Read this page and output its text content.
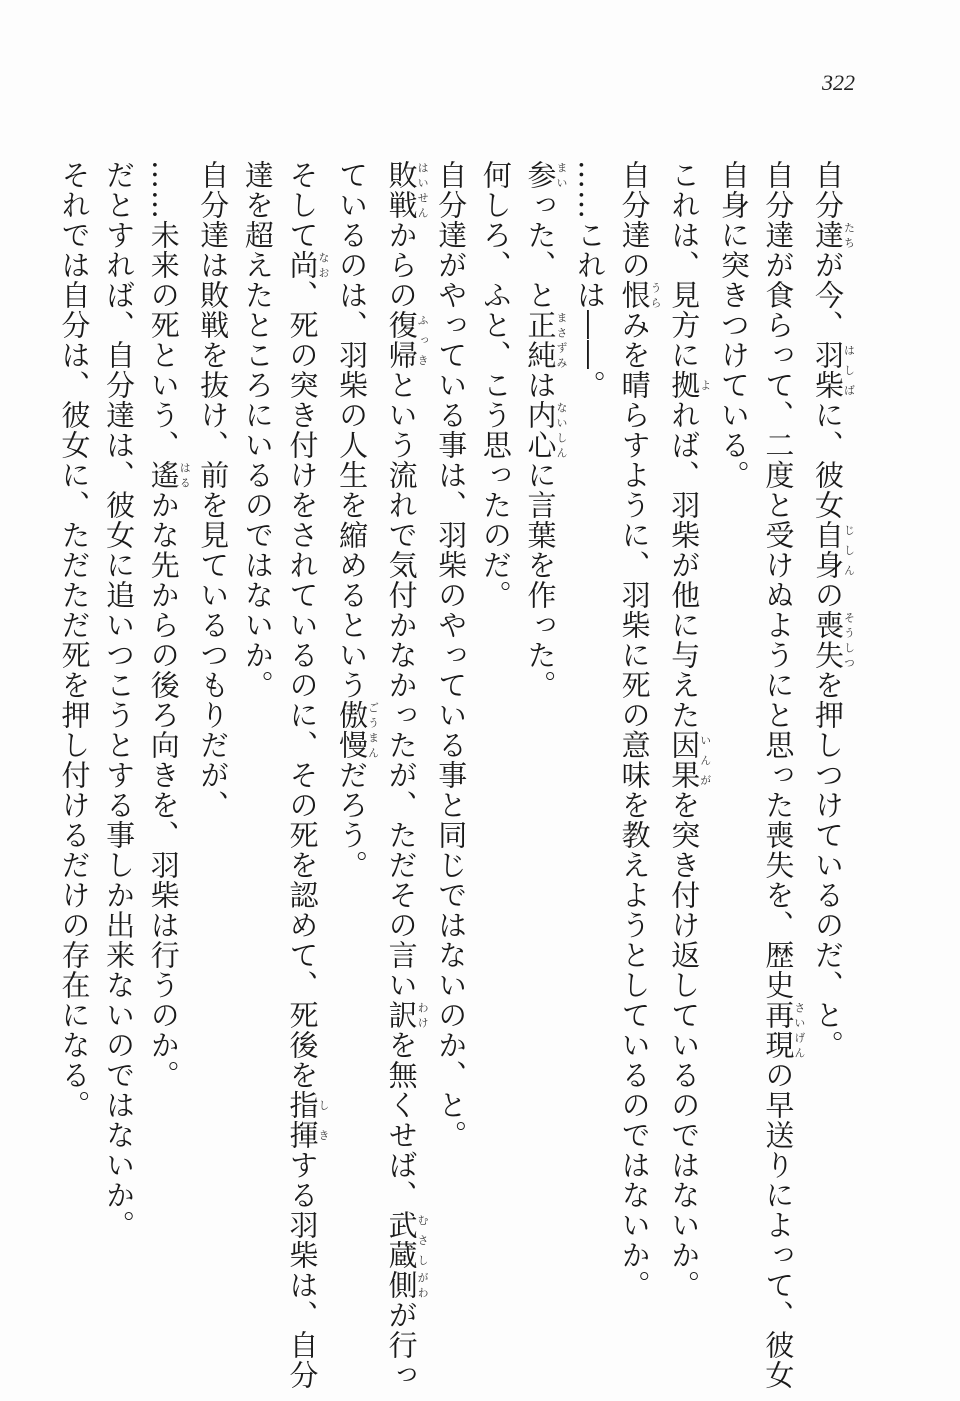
322
自分達たちが今、羽柴はしばに、彼女自身じしんの喪失そうしつを押しつけているのだ、と。
自分達が食らって、二度と受けぬようにと思った喪失を、歴史再現さいげんの早送りによって、彼女
自身に突きつけている。
これは、見方に拠よれば、羽柴が他に与えた因果いんがを突き付け返しているのではないか。
自分達の恨うらみを晴らすように、羽柴に死の意味を教えようとしているのではないか。
……これは――。
参まいった、と正純まさずみは内心ないしんに言葉を作った。
何しろ、ふと、こう思ったのだ。
自分達がやっている事は、羽柴のやっている事と同じではないのか、と。
敗戦はいせんからの復帰ふっきという流れで気付かなかったが、ただその言い訳わけを無くせば、武蔵むさし側がわが行っ
ているのは、羽柴の人生を縮めるという傲慢ごうまんだろう。
そして尚なお、死の突き付けをされているのに、その死を認めて、死後を指揮しきする羽柴は、自分
達を超えたところにいるのではないか。
自分達は敗戦を抜け、前を見ているつもりだが、
……未来の死という、遙はるかな先からの後ろ向きを、羽柴は行うのか。
だとすれば、自分達は、彼女に追いつこうとする事しか出来ないのではないか。
それでは自分は、彼女に、ただただ死を押し付けるだけの存在になる。
